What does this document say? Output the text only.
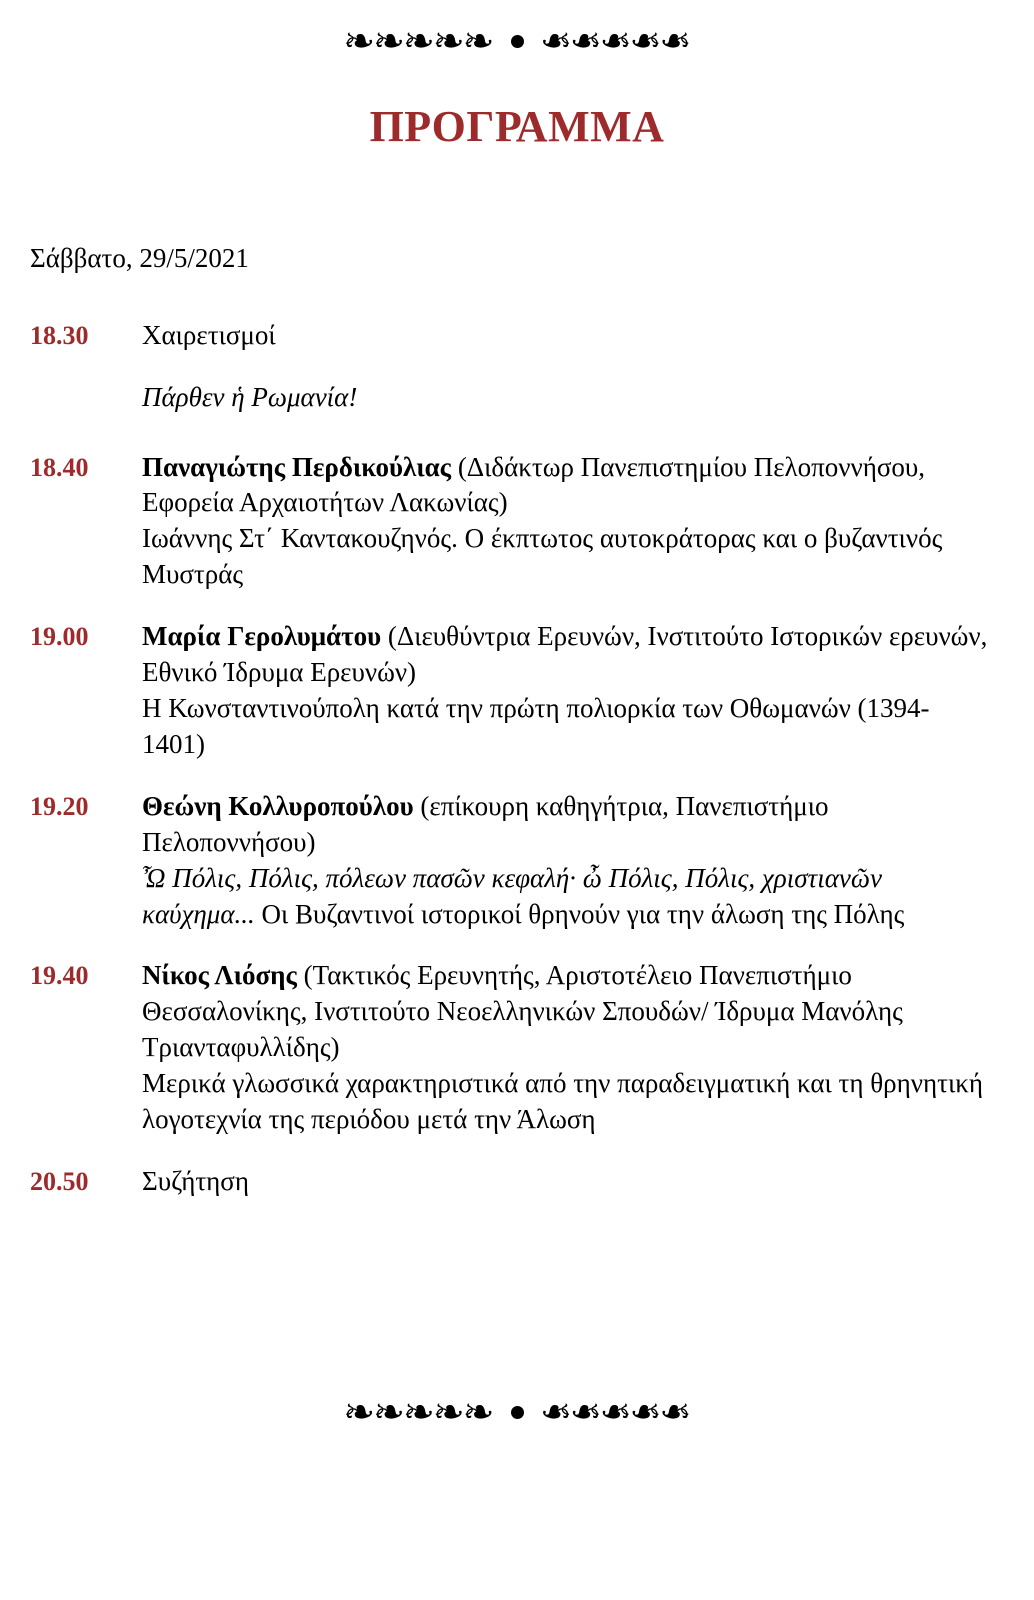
❧❧❧❧❧ ❧❧❧❧❧
ΠΡΟΓΡΑΜΜΑ
Σάββατο, 29/5/2021
18.30	Χαιρετισμοί
Πάρθεν ἡ Ρωμανία!
18.40	Παναγιώτης Περδικούλιας (Διδάκτωρ Πανεπιστημίου Πελοποννήσου, Εφορεία Αρχαιοτήτων Λακωνίας)
Ιωάννης Στ΄ Καντακουζηνός. Ο έκπτωτος αυτοκράτορας και ο βυζαντινός Μυστράς
19.00	Μαρία Γερολυμάτου (Διευθύντρια Ερευνών, Ινστιτούτο Ιστορικών ερευνών, Εθνικό Ίδρυμα Ερευνών)
Η Κωνσταντινούπολη κατά την πρώτη πολιορκία των Οθωμανών (1394-1401)
19.20	Θεώνη Κολλυροπούλου (επίκουρη καθηγήτρια, Πανεπιστήμιο Πελοποννήσου)
Ὦ Πόλις, Πόλις, πόλεων πασῶν κεφαλή· ὦ Πόλις, Πόλις, χριστιανῶν καύχημα... Οι Βυζαντινοί ιστορικοί θρηνούν για την άλωση της Πόλης
19.40	Νίκος Λιόσης (Τακτικός Ερευνητής, Αριστοτέλειο Πανεπιστήμιο Θεσσαλονίκης, Ινστιτούτο Νεοελληνικών Σπουδών/ Ίδρυμα Μανόλης Τριανταφυλλίδης)
Μερικά γλωσσικά χαρακτηριστικά από την παραδειγματική και τη θρηνητική λογοτεχνία της περιόδου μετά την Άλωση
20.50	Συζήτηση
❧❧❧❧❧ ❧❧❧❧❧
